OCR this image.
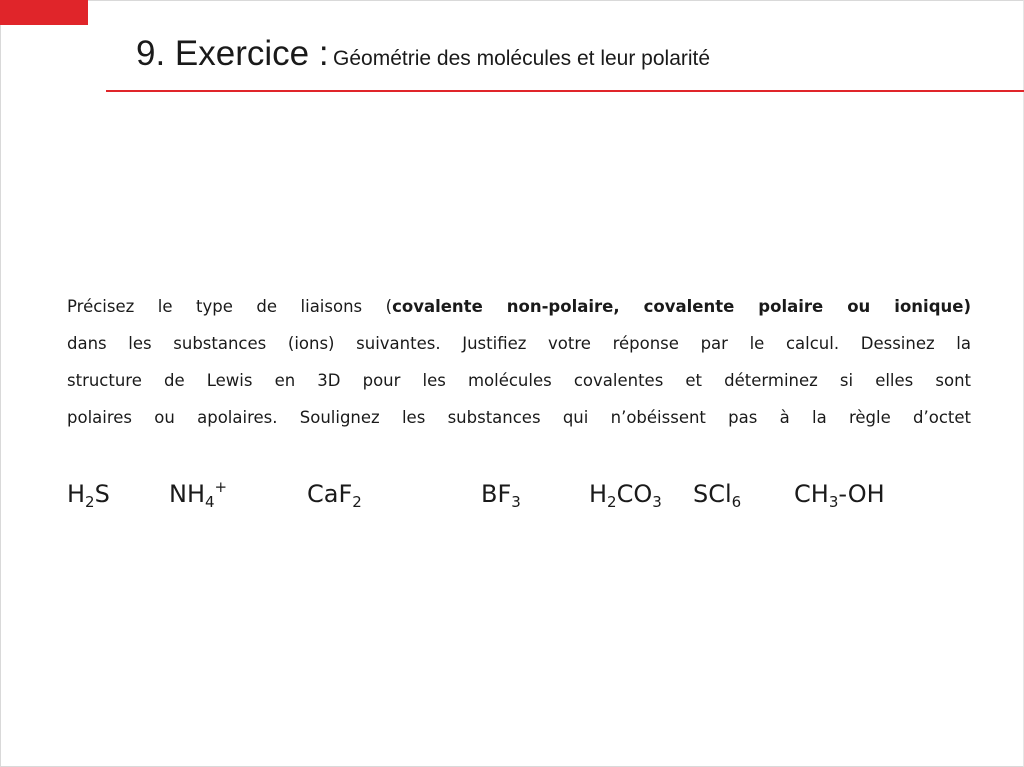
9. Exercice : Géométrie des molécules et leur polarité
Précisez le type de liaisons (covalente non-polaire, covalente polaire ou ionique)
dans les substances (ions) suivantes. Justifiez votre réponse par le calcul. Dessinez la
structure de Lewis en 3D pour les molécules covalentes et déterminez si elles sont
polaires ou apolaires. Soulignez les substances qui n’obéissent pas à la règle d’octet
$H_2S$ $NH_4^+$	CaF$_2$	$BF_3$	$H_2CO_3$ SCl$_6$ $CH_3-OH$
